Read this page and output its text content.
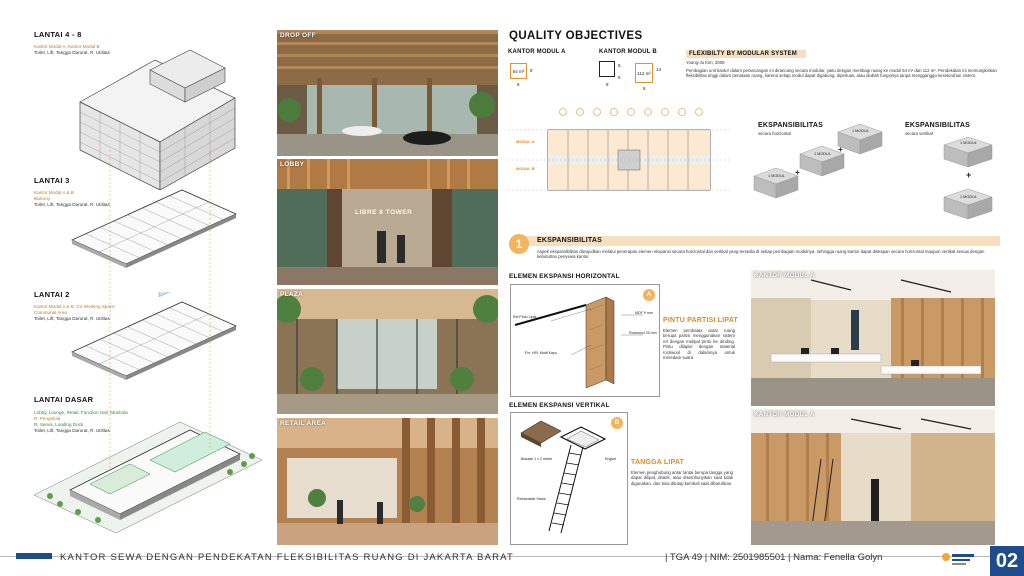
LANTAI 4 - 8
Kantor Modul A, Kantor Modul B
Toilet, Lift, Tangga Darurat, R. Utilitas
LANTAI 3
Kantor Modul A & B
Balcony
Toilet, Lift, Tangga Darurat, R. Utilitas
LANTAI 2
Kantor Modul A & B, Co-Working Space
Communal Area
Toilet, Lift, Tangga Darurat, R. Utilitas
LANTAI DASAR
Lobby, Lounge, Retail, Function Hall, Mushola
R. Pengelola
R. Servis, Loading Dock
Toilet, Lift, Tangga Darurat, R. Utilitas
DROP OFF
LOBBY
LIBRE 8 TOWER
PLAZA
RETAIL AREA
QUALITY OBJECTIVES
KANTOR MODUL A
64 m²	8
8
KANTOR MODUL B
8
6
8
112 m²
14
8
FLEXIBILTY BY MODULAR SYSTEM
Young-Ju Kim, 2008
Pembagian unit kantor dalam perancangan ini dirancang secara modular, yaitu dengan membagi ruang ke modul 64 m² dan 112 m². Pendekatan ini memungkinkan fleksibilitas tinggi dalam penataan ruang, karena setiap modul dapat digabung, diperluas, atau diubah fungsinya tanpa mengganggu keseluruhan sistem.
MODUL A
MODUL B
EKSPANSIBILITAS
secara horizontal	1 MODUL
1 MODUL
1 MODUL
+
+
EKSPANSIBILITAS
secara vertikal
1 MODUL
1 MODUL
+
1	EKSPANSIBILITAS
Aspek ekspansibilitas diwujudkan melalui penerapan elemen ekspansi secara horizontal dan vertikal yang tersedia di setiap pembagian modulnya, sehingga ruang kantor dapat diekspan secara horizontal maupun vertikal sesuai dengan kebutuhan penyewa kantor.
ELEMEN EKSPANSI HORIZONTAL
A
Rel Pintu Lipat
MDF 9 mm
Rockwool 25 mm
Fin. HPL Motif Kayu
PINTU PARTISI LIPAT
Elemen pembatas antar ruang berupa partisi menggunakan sistem rel dengan melipat pintu ke dinding. Pintu dilapisi dengan material rockwool di dalamnya untuk meredam suara.
ELEMEN EKSPANSI VERTIKAL
B
Bukaan 1 x 2 meter	Engsel
Retractable Stairs
TANGGA LIPAT
Elemen penghubung antar lantai berupa tangga yang dapat dilipat, ditarik, atau disembunyikan saat tidak digunakan, dan bisa ditutup kembali saat dibutuhkan.
KANTOR MODUL A
KANTOR MODUL A
KANTOR SEWA DENGAN PENDEKATAN FLEKSIBILITAS RUANG DI JAKARTA BARAT	| TGA 49 | NIM: 2501985501 | Nama: Fenella Golyn	02
